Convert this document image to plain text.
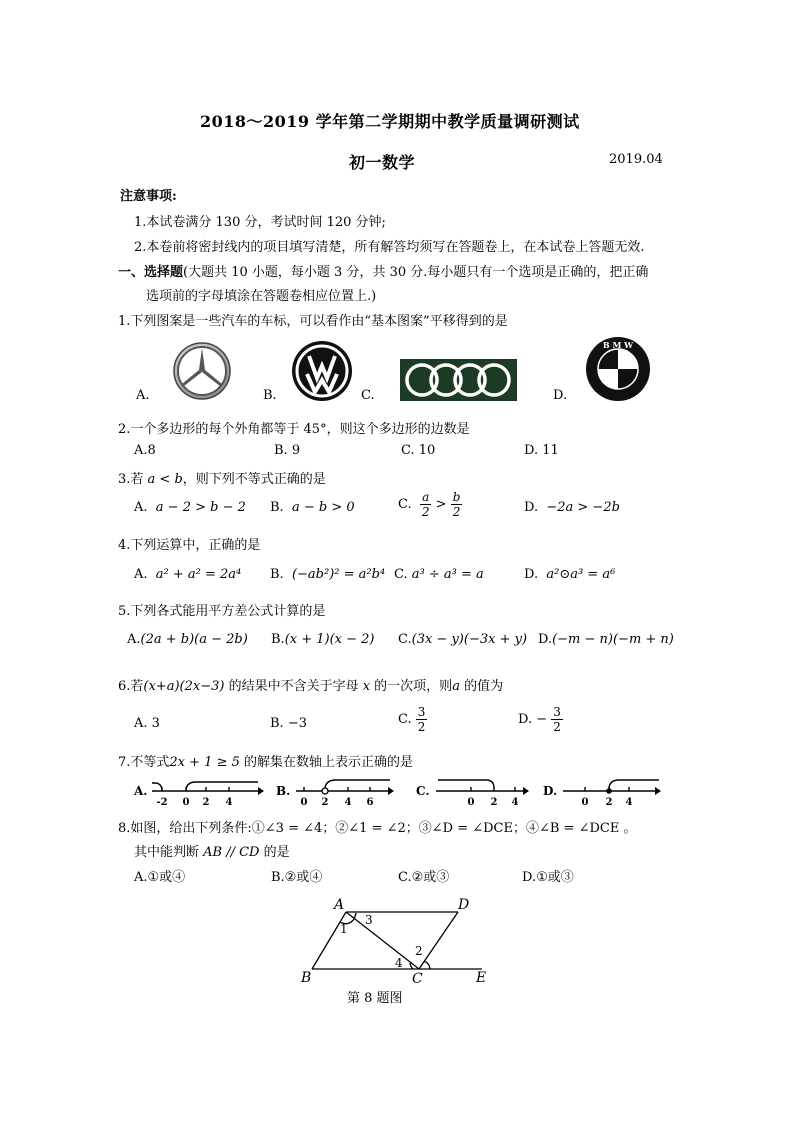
2018～2019 学年第二学期期中教学质量调研测试
初一数学	2019.04
注意事项:
1.本试卷满分 130 分，考试时间 120 分钟;
2.本卷前将密封线内的项目填写清楚，所有解答均须写在答题卷上，在本试卷上答题无效.
一、选择题(大题共 10 小题，每小题 3 分，共 30 分.每小题只有一个选项是正确的，把正确
选项前的字母填涂在答题卷相应位置上.)
1.下列图案是一些汽车的车标，可以看作由“基本图案”平移得到的是
A.	B.	C.	D.
B M W
2.一个多边形的每个外角都等于 45°，则这个多边形的边数是
A.8	B. 9	C. 10	D. 11
3.若 a < b，则下列不等式正确的是
A. a − 2 > b − 2 B. a − b > 0	C. $\frac{a}{2} > \frac{b}{2}$	D. −2a > −2b
4.下列运算中，正确的是
A. a² + a² = 2a⁴ B. (−ab²)² = a²b⁴ C. a³ ÷ a³ = a	D. a²⊙a³ = a⁶
5.下列各式能用平方差公式计算的是
A.(2a + b)(a − 2b) B.(x + 1)(x − 2) C.(3x − y)(−3x + y) D.(−m − n)(−m + n)
6.若(x+a)(2x−3) 的结果中不含关于字母 x 的一次项，则a 的值为
A. 3	B. −3	C. $\frac{3}{2}$	D. − $\frac{3}{2}$
7.不等式2x + 1 ≥ 5 的解集在数轴上表示正确的是
A.
-2 0 2 4
B.
0 2 4 6
C.
0 2 4
D.
0 2 4
8.如图，给出下列条件:①∠3 = ∠4；②∠1 = ∠2；③∠D = ∠DCE；④∠B = ∠DCE 。
其中能判断 AB // CD 的是
A.①或④	B.②或④	C.②或③	D.①或③
A	D
B	C	E
1
2
3
4
第 8 题图
